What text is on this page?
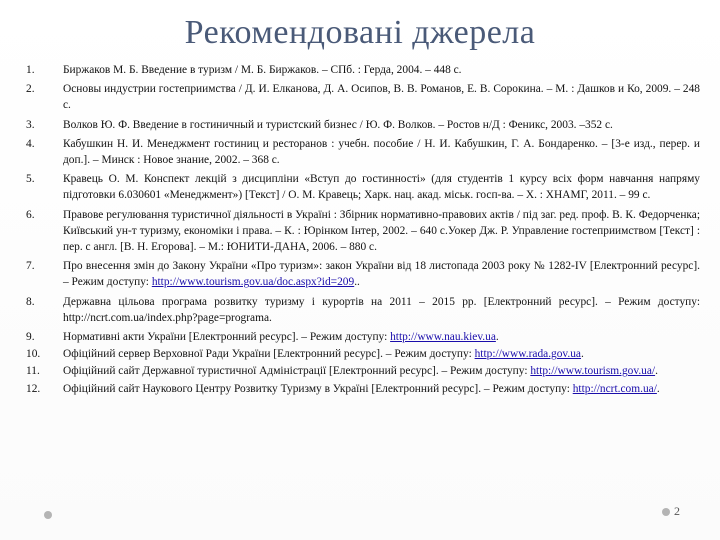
Рекомендовані джерела
1.	Биржаков М. Б. Введение в туризм / М. Б. Биржаков. – СПб. : Герда, 2004. – 448 с.
2.	Основы индустрии гостеприимства / Д. И. Елканова, Д. А. Осипов, В. В. Романов, Е. В. Сорокина. – М. : Дашков и Ко, 2009. – 248 с.
3.	Волков Ю. Ф. Введение в гостиничный и туристский бизнес / Ю. Ф. Волков. – Ростов н/Д : Феникс, 2003. –352 с.
4.	Кабушкин Н. И. Менеджмент гостиниц и ресторанов : учебн. пособие / Н. И. Кабушкин, Г. А. Бондаренко. – [3-е изд., перер. и доп.]. – Минск : Новое знание, 2002. – 368 с.
5.	Кравець О. М. Конспект лекцій з дисципліни «Вступ до гостинності» (для студентів 1 курсу всіх форм навчання напряму підготовки 6.030601 «Менеджмент») [Текст] / О. М. Кравець; Харк. нац. акад. міськ. госп-ва. – Х. : ХНАМГ, 2011. – 99 с.
6.	Правове регулювання туристичної діяльності в Україні : Збірник нормативно-правових актів / під заг. ред. проф. В. К. Федорченка; Київський ун-т туризму, економіки і права. – К. : Юрінком Інтер, 2002. – 640 с.Уокер Дж. Р. Управление гостеприимством [Текст] : пер. с англ. [В. Н. Егорова]. – М.: ЮНИТИ-ДАНА, 2006. – 880 с.
7.	Про внесення змін до Закону України «Про туризм»: закон України від 18 листопада 2003 року № 1282-IV [Електронний ресурс]. – Режим доступу: http://www.tourism.gov.ua/doc.aspx?id=209..
8.	Державна цільова програма розвитку туризму і курортів на 2011 – 2015 рр. [Електронний ресурс]. – Режим доступу: http://ncrt.com.ua/index.php?page=programa.
9.	Нормативні акти України [Електронний ресурс]. – Режим доступу: http://www.nau.kiev.ua.
10.	Офіційний сервер Верховної Ради України [Електронний ресурс]. – Режим доступу: http://www.rada.gov.ua.
11.	Офіційний сайт Державної туристичної Адміністрації [Електронний ресурс]. – Режим доступу: http://www.tourism.gov.ua/.
12.	Офіційний сайт Наукового Центру Розвитку Туризму в Україні [Електронний ресурс]. – Режим доступу: http://ncrt.com.ua/.
2
